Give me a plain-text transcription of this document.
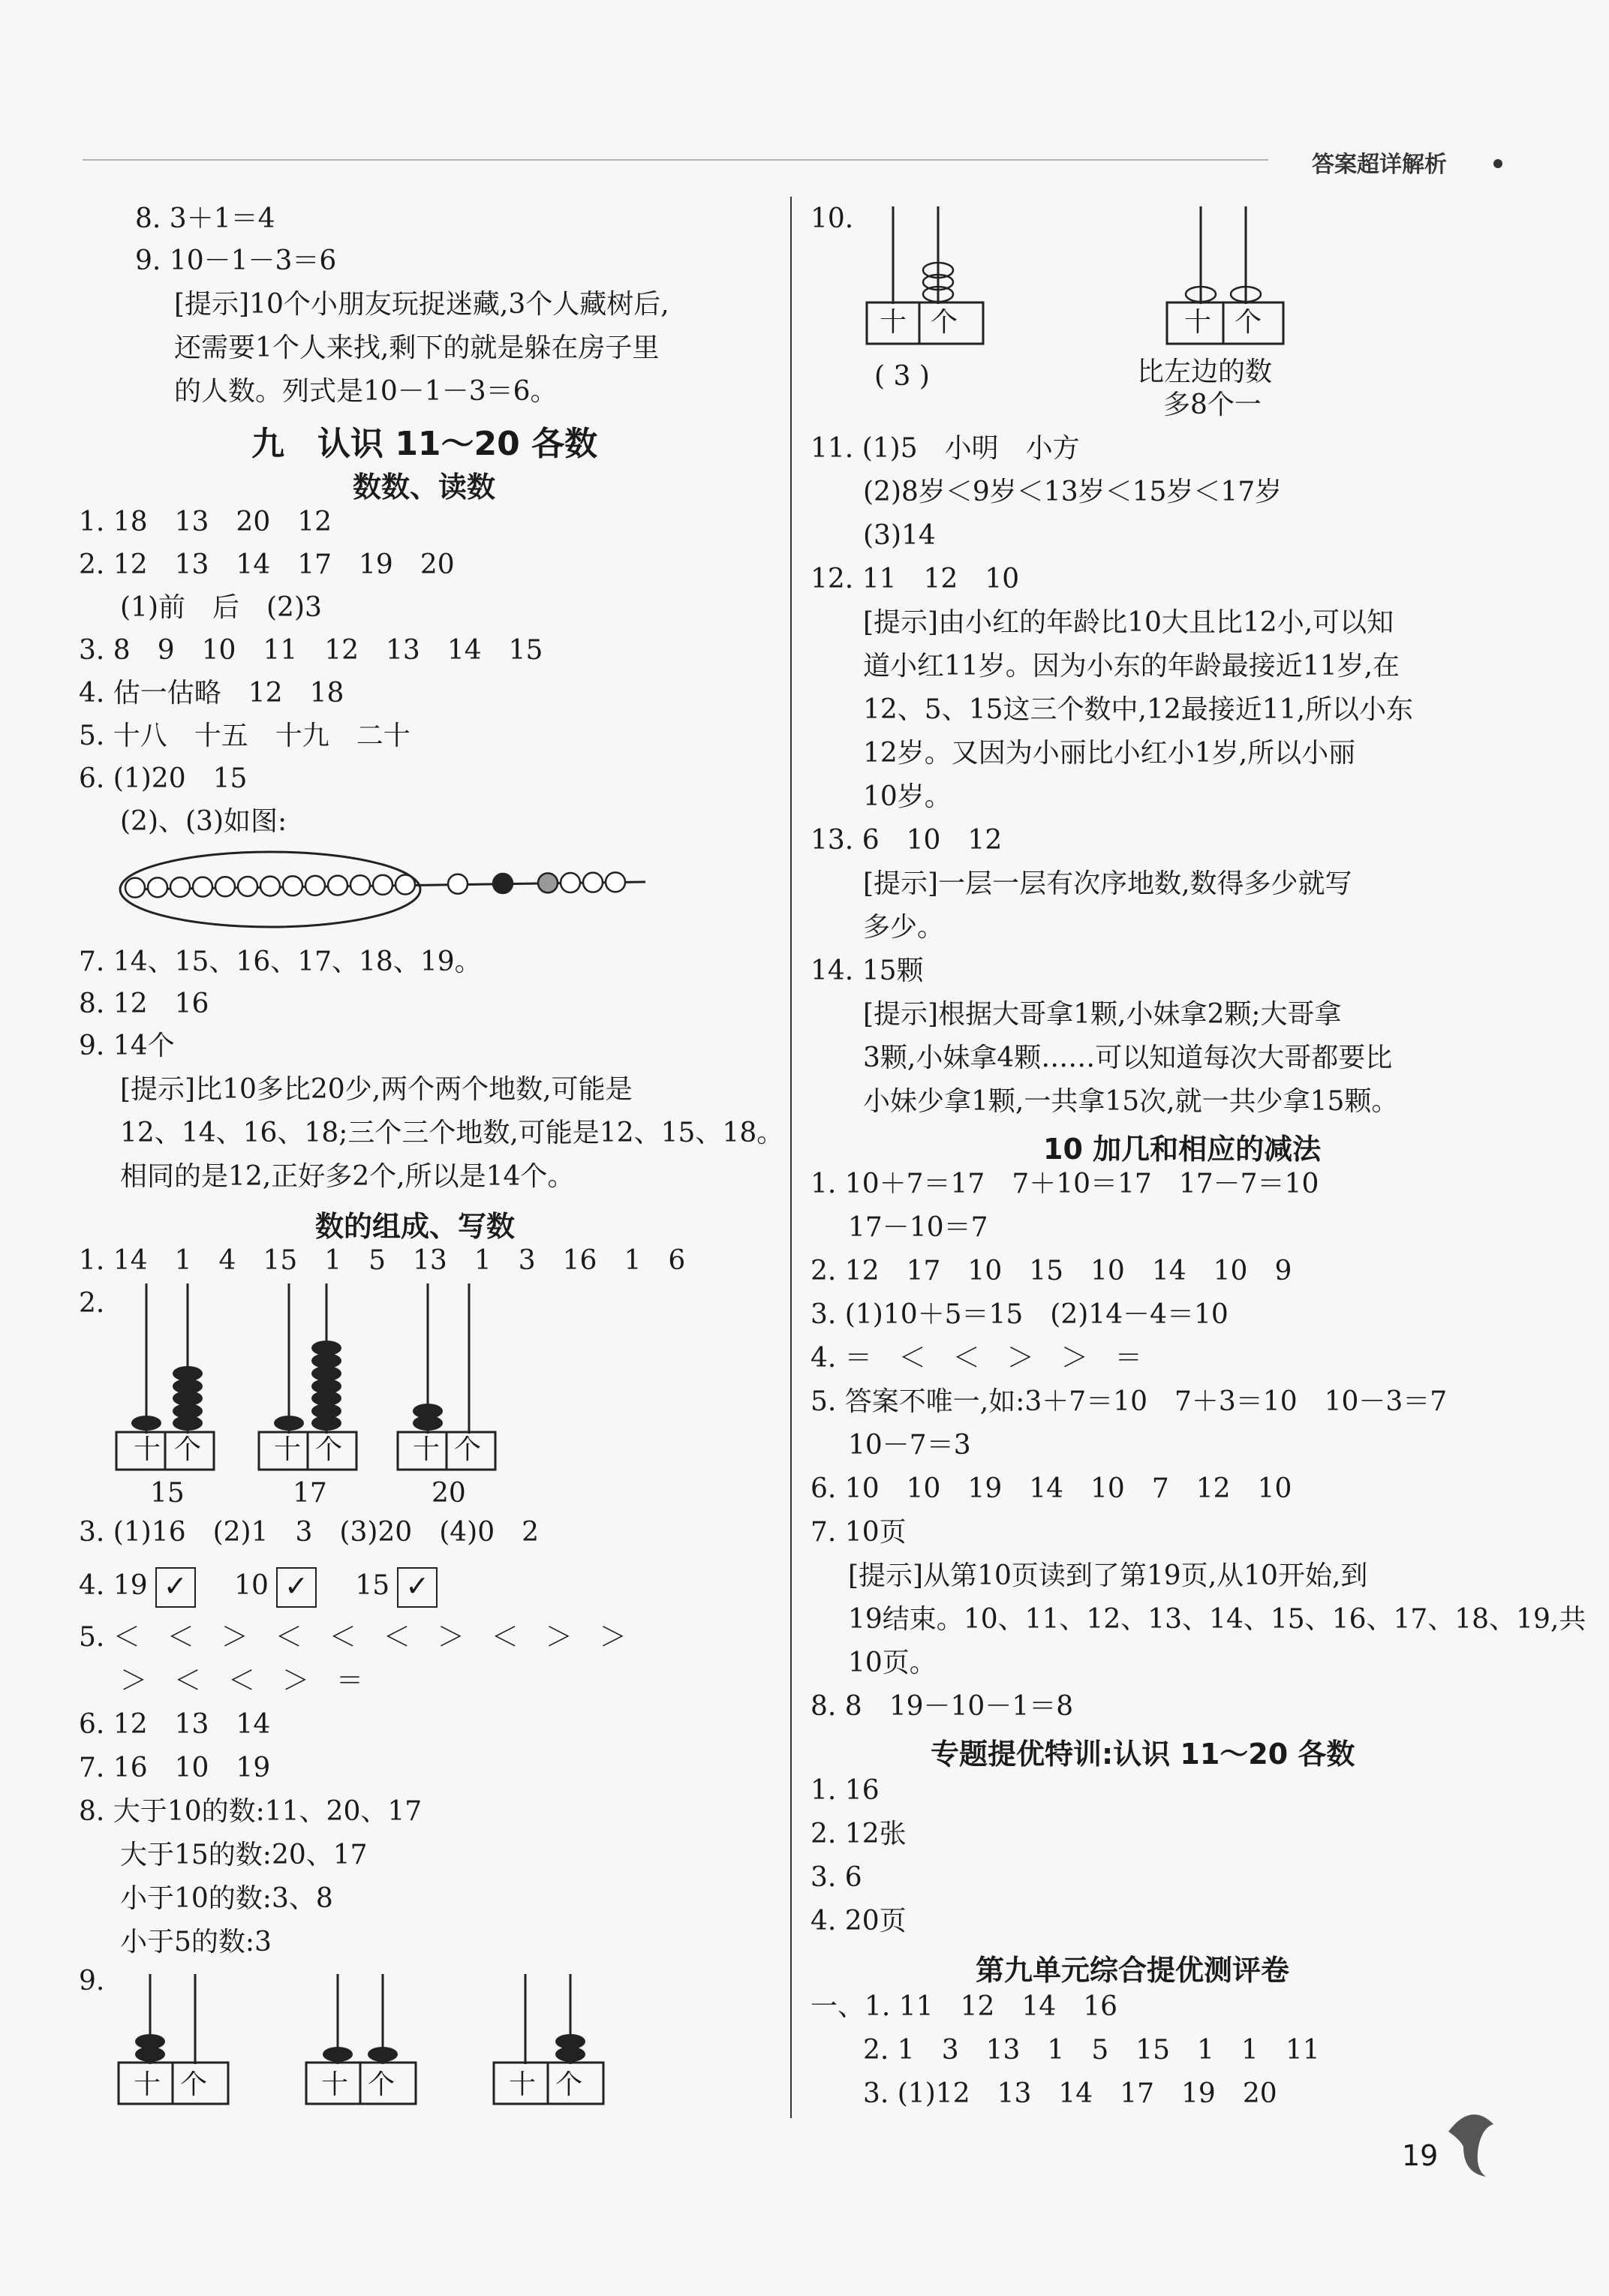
答案超详解析
8. 3＋1＝4
9. 10－1－3＝6
[提示]10个小朋友玩捉迷藏,3个人藏树后,
还需要1个人来找,剩下的就是躲在房子里
的人数。列式是10－1－3＝6。
九　认识 11～20 各数
数数、读数
1. 18　13　20　12
2. 12　13　14　17　19　20
(1)前　后　(2)3
3. 8　9　10　11　12　13　14　15
4. 估一估略　12　18
5. 十八　十五　十九　二十
6. (1)20　15
(2)、(3)如图:
7. 14、15、16、17、18、19。
8. 12　16
9. 14个
[提示]比10多比20少,两个两个地数,可能是
12、14、16、18;三个三个地数,可能是12、15、18。
相同的是12,正好多2个,所以是14个。
数的组成、写数
1. 14　1　4　15　1　5　13　1　3　16　1　6
2.
十 个	十 个	十 个
15	17	20
3. (1)16　(2)1　3　(3)20　(4)0　2
4. 19 ✓ 10 ✓ 15 ✓
5. ＜　＜　＞　＜　＜　＜　＞　＜　＞　＞
＞　＜　＜　＞　＝
6. 12　13　14
7. 16　10　19
8. 大于10的数:11、20、17
大于15的数:20、17
小于10的数:3、8
小于5的数:3
9.
十 个	十 个	十 个
10.
十 个
( 3 )
十 个
比左边的数
多8个一
11. (1)5　小明　小方
(2)8岁＜9岁＜13岁＜15岁＜17岁
(3)14
12. 11　12　10
[提示]由小红的年龄比10大且比12小,可以知
道小红11岁。因为小东的年龄最接近11岁,在
12、5、15这三个数中,12最接近11,所以小东
12岁。又因为小丽比小红小1岁,所以小丽
10岁。
13. 6　10　12
[提示]一层一层有次序地数,数得多少就写
多少。
14. 15颗
[提示]根据大哥拿1颗,小妹拿2颗;大哥拿
3颗,小妹拿4颗……可以知道每次大哥都要比
小妹少拿1颗,一共拿15次,就一共少拿15颗。
10 加几和相应的减法
1. 10＋7＝17　7＋10＝17　17－7＝10
17－10＝7
2. 12　17　10　15　10　14　10　9
3. (1)10＋5＝15　(2)14－4＝10
4. ＝　＜　＜　＞　＞　＝
5. 答案不唯一,如:3＋7＝10　7＋3＝10　10－3＝7
10－7＝3
6. 10　10　19　14　10　7　12　10
7. 10页
[提示]从第10页读到了第19页,从10开始,到
19结束。10、11、12、13、14、15、16、17、18、19,共
10页。
8. 8　19－10－1＝8
专题提优特训:认识 11～20 各数
1. 16
2. 12张
3. 6
4. 20页
第九单元综合提优测评卷
一、1. 11　12　14　16
2. 1　3　13　1　5　15　1　1　11
3. (1)12　13　14　17　19　20
19
